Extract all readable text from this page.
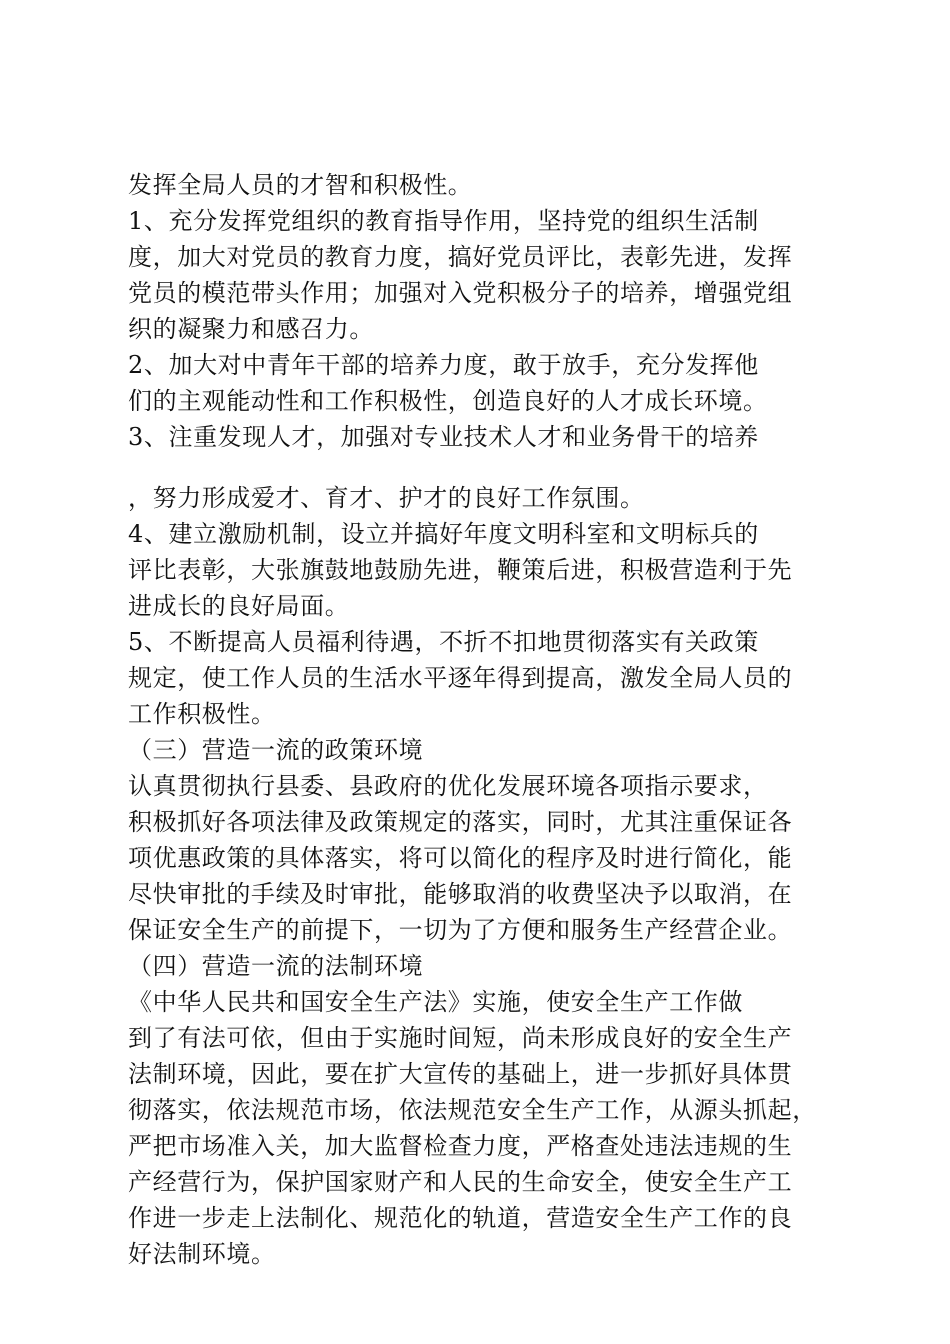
发挥全局人员的才智和积极性。
1、充分发挥党组织的教育指导作用，坚持党的组织生活制
度，加大对党员的教育力度，搞好党员评比，表彰先进，发挥
党员的模范带头作用；加强对入党积极分子的培养，增强党组
织的凝聚力和感召力。
2、加大对中青年干部的培养力度，敢于放手，充分发挥他
们的主观能动性和工作积极性，创造良好的人才成长环境。
3、注重发现人才，加强对专业技术人才和业务骨干的培养
，努力形成爱才、育才、护才的良好工作氛围。
4、建立激励机制，设立并搞好年度文明科室和文明标兵的
评比表彰，大张旗鼓地鼓励先进，鞭策后进，积极营造利于先
进成长的良好局面。
5、不断提高人员福利待遇，不折不扣地贯彻落实有关政策
规定，使工作人员的生活水平逐年得到提高，激发全局人员的
工作积极性。
（三）营造一流的政策环境
认真贯彻执行县委、县政府的优化发展环境各项指示要求，
积极抓好各项法律及政策规定的落实，同时，尤其注重保证各
项优惠政策的具体落实，将可以简化的程序及时进行简化，能
尽快审批的手续及时审批，能够取消的收费坚决予以取消，在
保证安全生产的前提下，一切为了方便和服务生产经营企业。
（四）营造一流的法制环境
《中华人民共和国安全生产法》实施，使安全生产工作做
到了有法可依，但由于实施时间短，尚未形成良好的安全生产
法制环境，因此，要在扩大宣传的基础上，进一步抓好具体贯
彻落实，依法规范市场，依法规范安全生产工作，从源头抓起，
严把市场准入关，加大监督检查力度，严格查处违法违规的生
产经营行为，保护国家财产和人民的生命安全，使安全生产工
作进一步走上法制化、规范化的轨道，营造安全生产工作的良
好法制环境。
